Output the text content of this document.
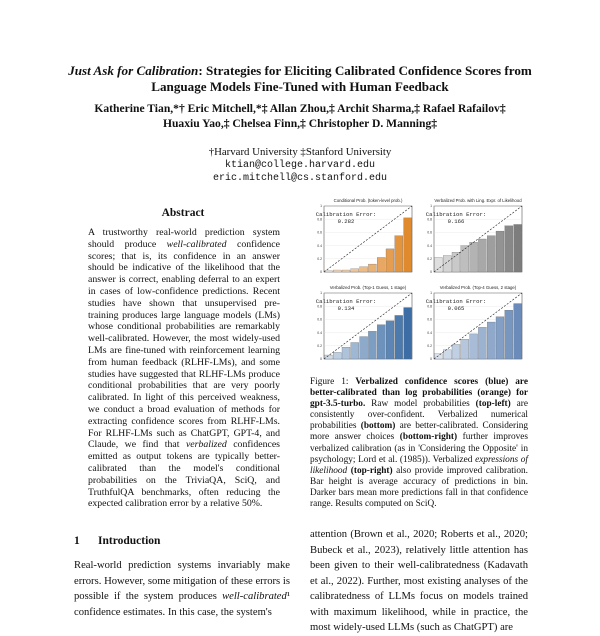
Just Ask for Calibration: Strategies for Eliciting Calibrated Confidence Scores from Language Models Fine-Tuned with Human Feedback
Katherine Tian,*† Eric Mitchell,*‡ Allan Zhou,‡ Archit Sharma,‡ Rafael Rafailov‡
Huaxiu Yao,‡ Chelsea Finn,‡ Christopher D. Manning‡
†Harvard University ‡Stanford University
ktian@college.harvard.edu
eric.mitchell@cs.stanford.edu
Abstract
A trustworthy real-world prediction system should produce well-calibrated confidence scores; that is, its confidence in an answer should be indicative of the likelihood that the answer is correct, enabling deferral to an expert in cases of low-confidence predictions. Recent studies have shown that unsupervised pre-training produces large language models (LMs) whose conditional probabilities are remarkably well-calibrated. However, the most widely-used LMs are fine-tuned with reinforcement learning from human feedback (RLHF-LMs), and some studies have suggested that RLHF-LMs produce conditional probabilities that are very poorly calibrated. In light of this perceived weakness, we conduct a broad evaluation of methods for extracting confidence scores from RLHF-LMs. For RLHF-LMs such as ChatGPT, GPT-4, and Claude, we find that verbalized confidences emitted as output tokens are typically better-calibrated than the model's conditional probabilities on the TriviaQA, SciQ, and TruthfulQA benchmarks, often reducing the expected calibration error by a relative 50%.
1 Introduction
Real-world prediction systems invariably make errors. However, some mitigation of these errors is possible if the system produces well-calibrated¹ confidence estimates. In this case, the system's
Conditional Prob. (token-level prob.)
0
0.2
0.4
0.6
0.8
1
Calibration Error:
0.282
Verbalized Prob. with Ling. Expr. of Likelihood
0
0.2
0.4
0.6
0.8
1
Calibration Error:
0.166
Verbalized Prob. (Top-1 Guess, 1 stage)
0
0.2
0.4
0.6
0.8
1
Calibration Error:
0.134
Verbalized Prob. (Top-4 Guess, 2 stage)
0
0.2
0.4
0.6
0.8
1
Calibration Error:
0.065
Figure 1: Verbalized confidence scores (blue) are better-calibrated than log probabilities (orange) for gpt-3.5-turbo. Raw model probabilities (top-left) are consistently over-confident. Verbalized numerical probabilities (bottom) are better-calibrated. Considering more answer choices (bottom-right) further improves verbalized calibration (as in 'Considering the Opposite' in psychology; Lord et al. (1985)). Verbalized expressions of likelihood (top-right) also provide improved calibration. Bar height is average accuracy of predictions in bin. Darker bars mean more predictions fall in that confidence range. Results computed on SciQ.
attention (Brown et al., 2020; Roberts et al., 2020; Bubeck et al., 2023), relatively little attention has been given to their well-calibratedness (Kadavath et al., 2022). Further, most existing analyses of the calibratedness of LLMs focus on models trained with maximum likelihood, while in practice, the most widely-used LLMs (such as ChatGPT) are
